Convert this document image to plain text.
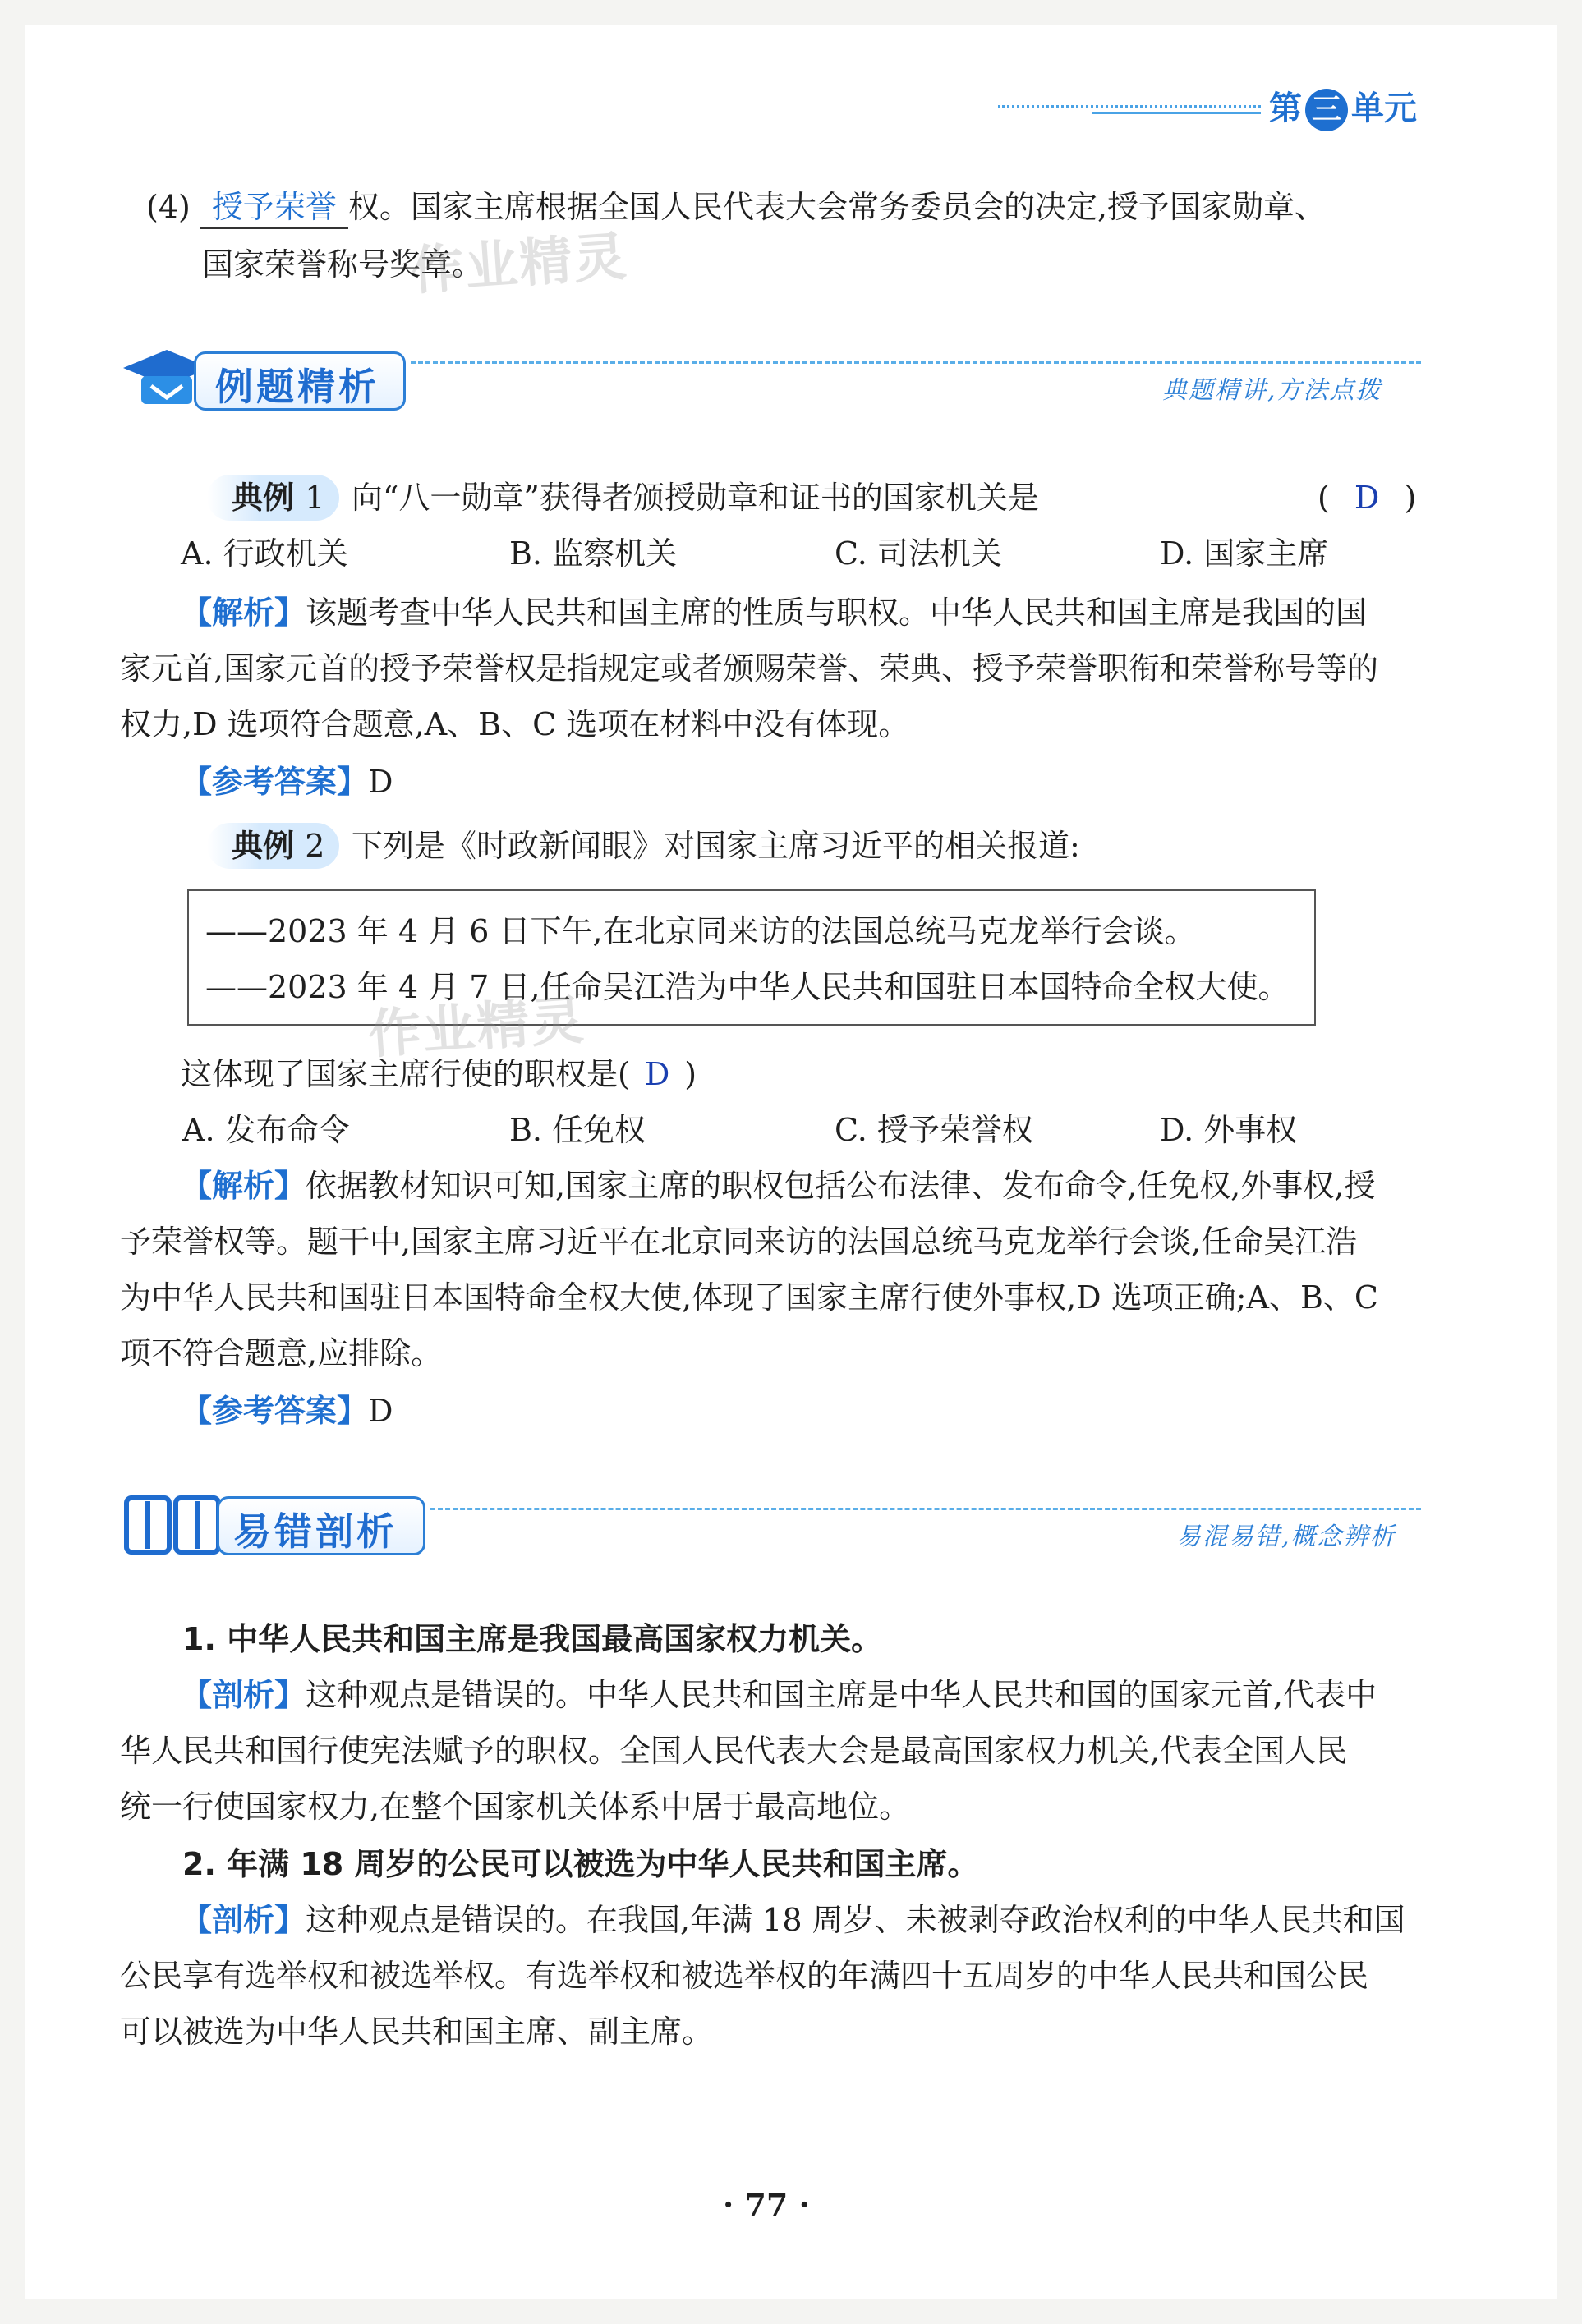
第 三 单元
(4) 授予荣誉 权。国家主席根据全国人民代表大会常务委员会的决定,授予国家勋章、
国家荣誉称号奖章。
作业精灵
例题精析	典题精讲,方法点拨
典例 1 向“八一勋章”获得者颁授勋章和证书的国家机关是	( D )
A. 行政机关	B. 监察机关	C. 司法机关	D. 国家主席
【解析】该题考查中华人民共和国主席的性质与职权。中华人民共和国主席是我国的国
家元首,国家元首的授予荣誉权是指规定或者颁赐荣誉、荣典、授予荣誉职衔和荣誉称号等的
权力,D 选项符合题意,A、B、C 选项在材料中没有体现。
【参考答案】D
典例 2 下列是《时政新闻眼》对国家主席习近平的相关报道:
——2023 年 4 月 6 日下午,在北京同来访的法国总统马克龙举行会谈。
——2023 年 4 月 7 日,任命吴江浩为中华人民共和国驻日本国特命全权大使。
作业精灵
这体现了国家主席行使的职权是( D )
A. 发布命令	B. 任免权	C. 授予荣誉权	D. 外事权
【解析】依据教材知识可知,国家主席的职权包括公布法律、发布命令,任免权,外事权,授
予荣誉权等。题干中,国家主席习近平在北京同来访的法国总统马克龙举行会谈,任命吴江浩
为中华人民共和国驻日本国特命全权大使,体现了国家主席行使外事权,D 选项正确;A、B、C
项不符合题意,应排除。
【参考答案】D
易错剖析	易混易错,概念辨析
1. 中华人民共和国主席是我国最高国家权力机关。
【剖析】这种观点是错误的。中华人民共和国主席是中华人民共和国的国家元首,代表中
华人民共和国行使宪法赋予的职权。全国人民代表大会是最高国家权力机关,代表全国人民
统一行使国家权力,在整个国家机关体系中居于最高地位。
2. 年满 18 周岁的公民可以被选为中华人民共和国主席。
【剖析】这种观点是错误的。在我国,年满 18 周岁、未被剥夺政治权利的中华人民共和国
公民享有选举权和被选举权。有选举权和被选举权的年满四十五周岁的中华人民共和国公民
可以被选为中华人民共和国主席、副主席。
· 77 ·
